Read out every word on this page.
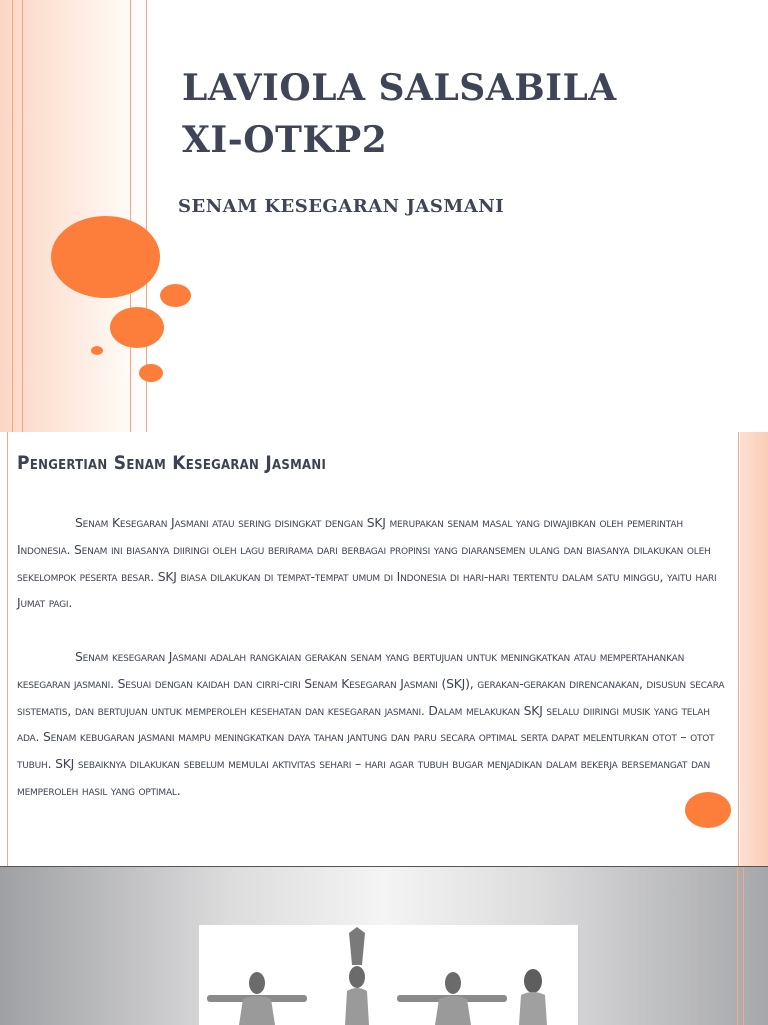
LAVIOLA SALSABILA
XI-OTKP2
SENAM KESEGARAN JASMANI
Pengertian Senam Kesegaran Jasmani

Senam Kesegaran Jasmani atau sering disingkat dengan SKJ merupakan senam masal yang diwajibkan oleh pemerintah Indonesia. Senam ini biasanya diiringi oleh lagu berirama dari berbagai propinsi yang diaransemen ulang dan biasanya dilakukan oleh sekelompok peserta besar. SKJ biasa dilakukan di tempat-tempat umum di Indonesia di hari-hari tertentu dalam satu minggu, yaitu hari Jumat pagi.

Senam kesegaran Jasmani adalah rangkaian gerakan senam yang bertujuan untuk meningkatkan atau mempertahankan kesegaran jasmani. Sesuai dengan kaidah dan cirri-ciri Senam Kesegaran Jasmani (SKJ), gerakan-gerakan direncanakan, disusun secara sistematis, dan bertujuan untuk memperoleh kesehatan dan kesegaran jasmani. Dalam melakukan SKJ selalu diiringi musik yang telah ada. Senam kebugaran jasmani mampu meningkatkan daya tahan jantung dan paru secara optimal serta dapat melenturkan otot – otot tubuh. SKJ sebaiknya dilakukan sebelum memulai aktivitas sehari – hari agar tubuh bugar menjadikan dalam bekerja bersemangat dan memperoleh hasil yang optimal.
